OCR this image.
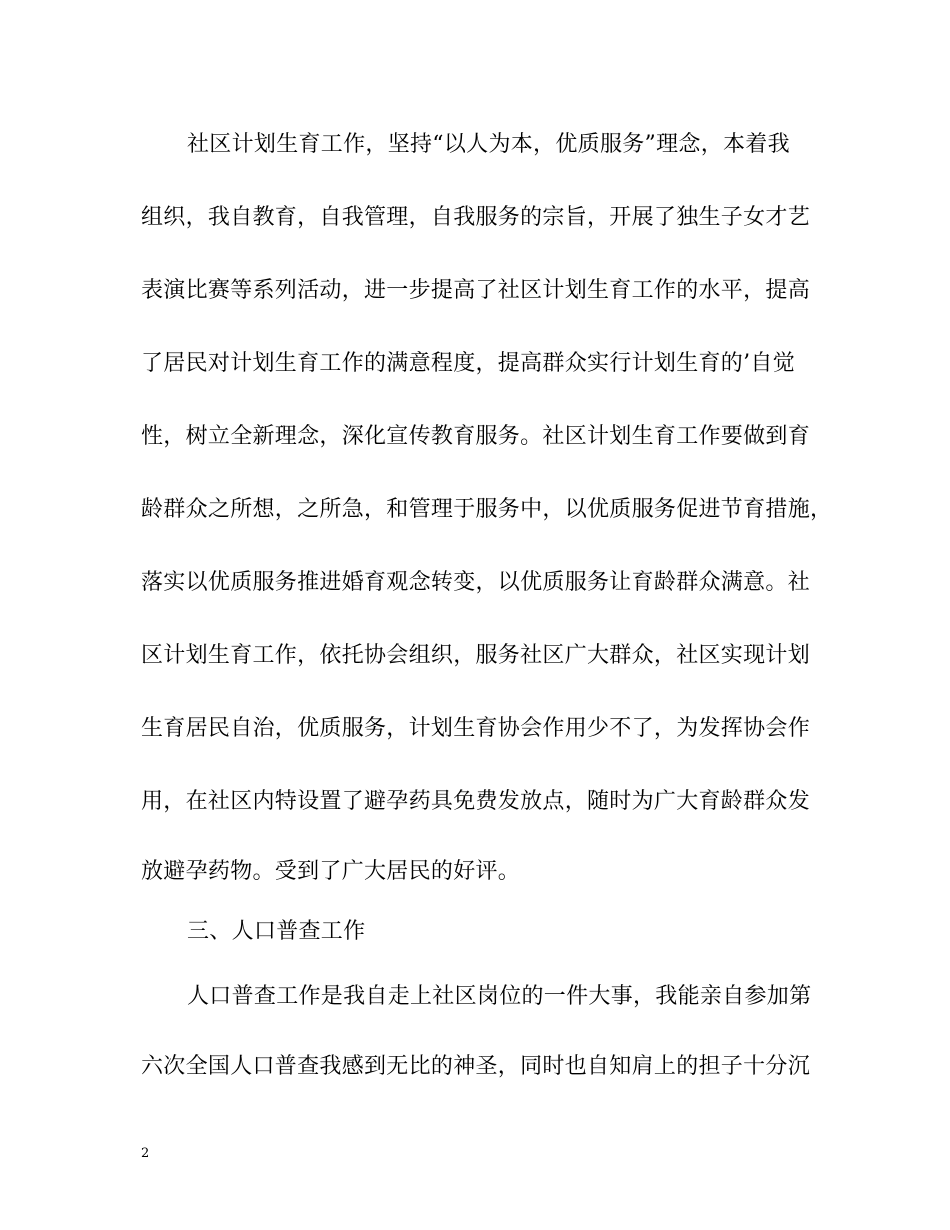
社区计划生育工作，坚持“以人为本，优质服务”理念，本着我
组织，我自教育，自我管理，自我服务的宗旨，开展了独生子女才艺
表演比赛等系列活动，进一步提高了社区计划生育工作的水平，提高
了居民对计划生育工作的满意程度，提高群众实行计划生育的’自觉
性，树立全新理念，深化宣传教育服务。社区计划生育工作要做到育
龄群众之所想，之所急，和管理于服务中，以优质服务促进节育措施，
落实以优质服务推进婚育观念转变，以优质服务让育龄群众满意。社
区计划生育工作，依托协会组织，服务社区广大群众，社区实现计划
生育居民自治，优质服务，计划生育协会作用少不了，为发挥协会作
用，在社区内特设置了避孕药具免费发放点，随时为广大育龄群众发
放避孕药物。受到了广大居民的好评。
三、人口普查工作
人口普查工作是我自走上社区岗位的一件大事，我能亲自参加第
六次全国人口普查我感到无比的神圣，同时也自知肩上的担子十分沉
2
